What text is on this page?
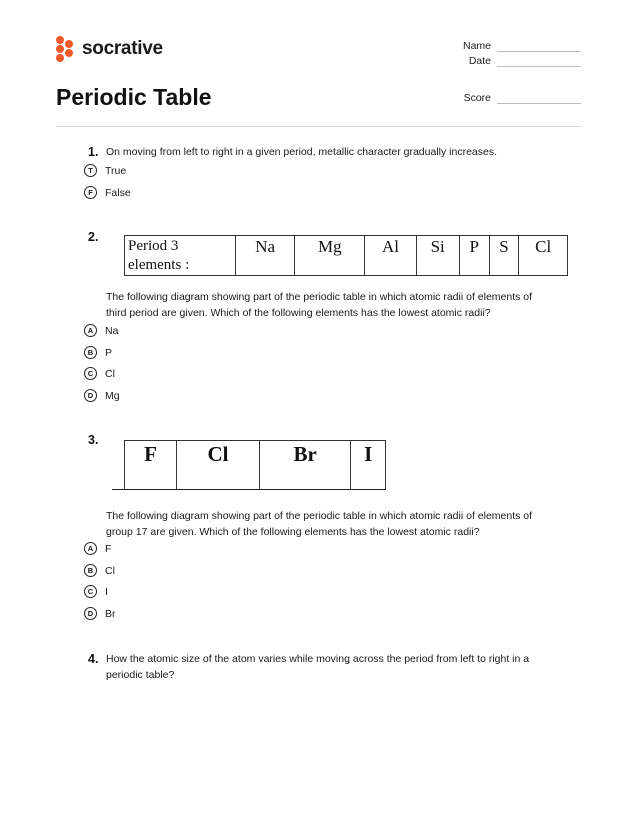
socrative	Name
Date
Score
Periodic Table
1. On moving from left to right in a given period, metallic character gradually increases.
T	True
F	False
2.
Period 3
elements :
	Na	Mg	Al	Si	P	S	Cl
The following diagram showing part of the periodic table in which atomic radii of elements of
third period are given. Which of the following elements has the lowest atomic radii?
A	Na
B	P
C	Cl
D	Mg
3.
	F	Cl	Br	I
The following diagram showing part of the periodic table in which atomic radii of elements of
group 17 are given. Which of the following elements has the lowest atomic radii?
A	F
B	Cl
C	I
D	Br
4. How the atomic size of the atom varies while moving across the period from left to right in a
periodic table?
